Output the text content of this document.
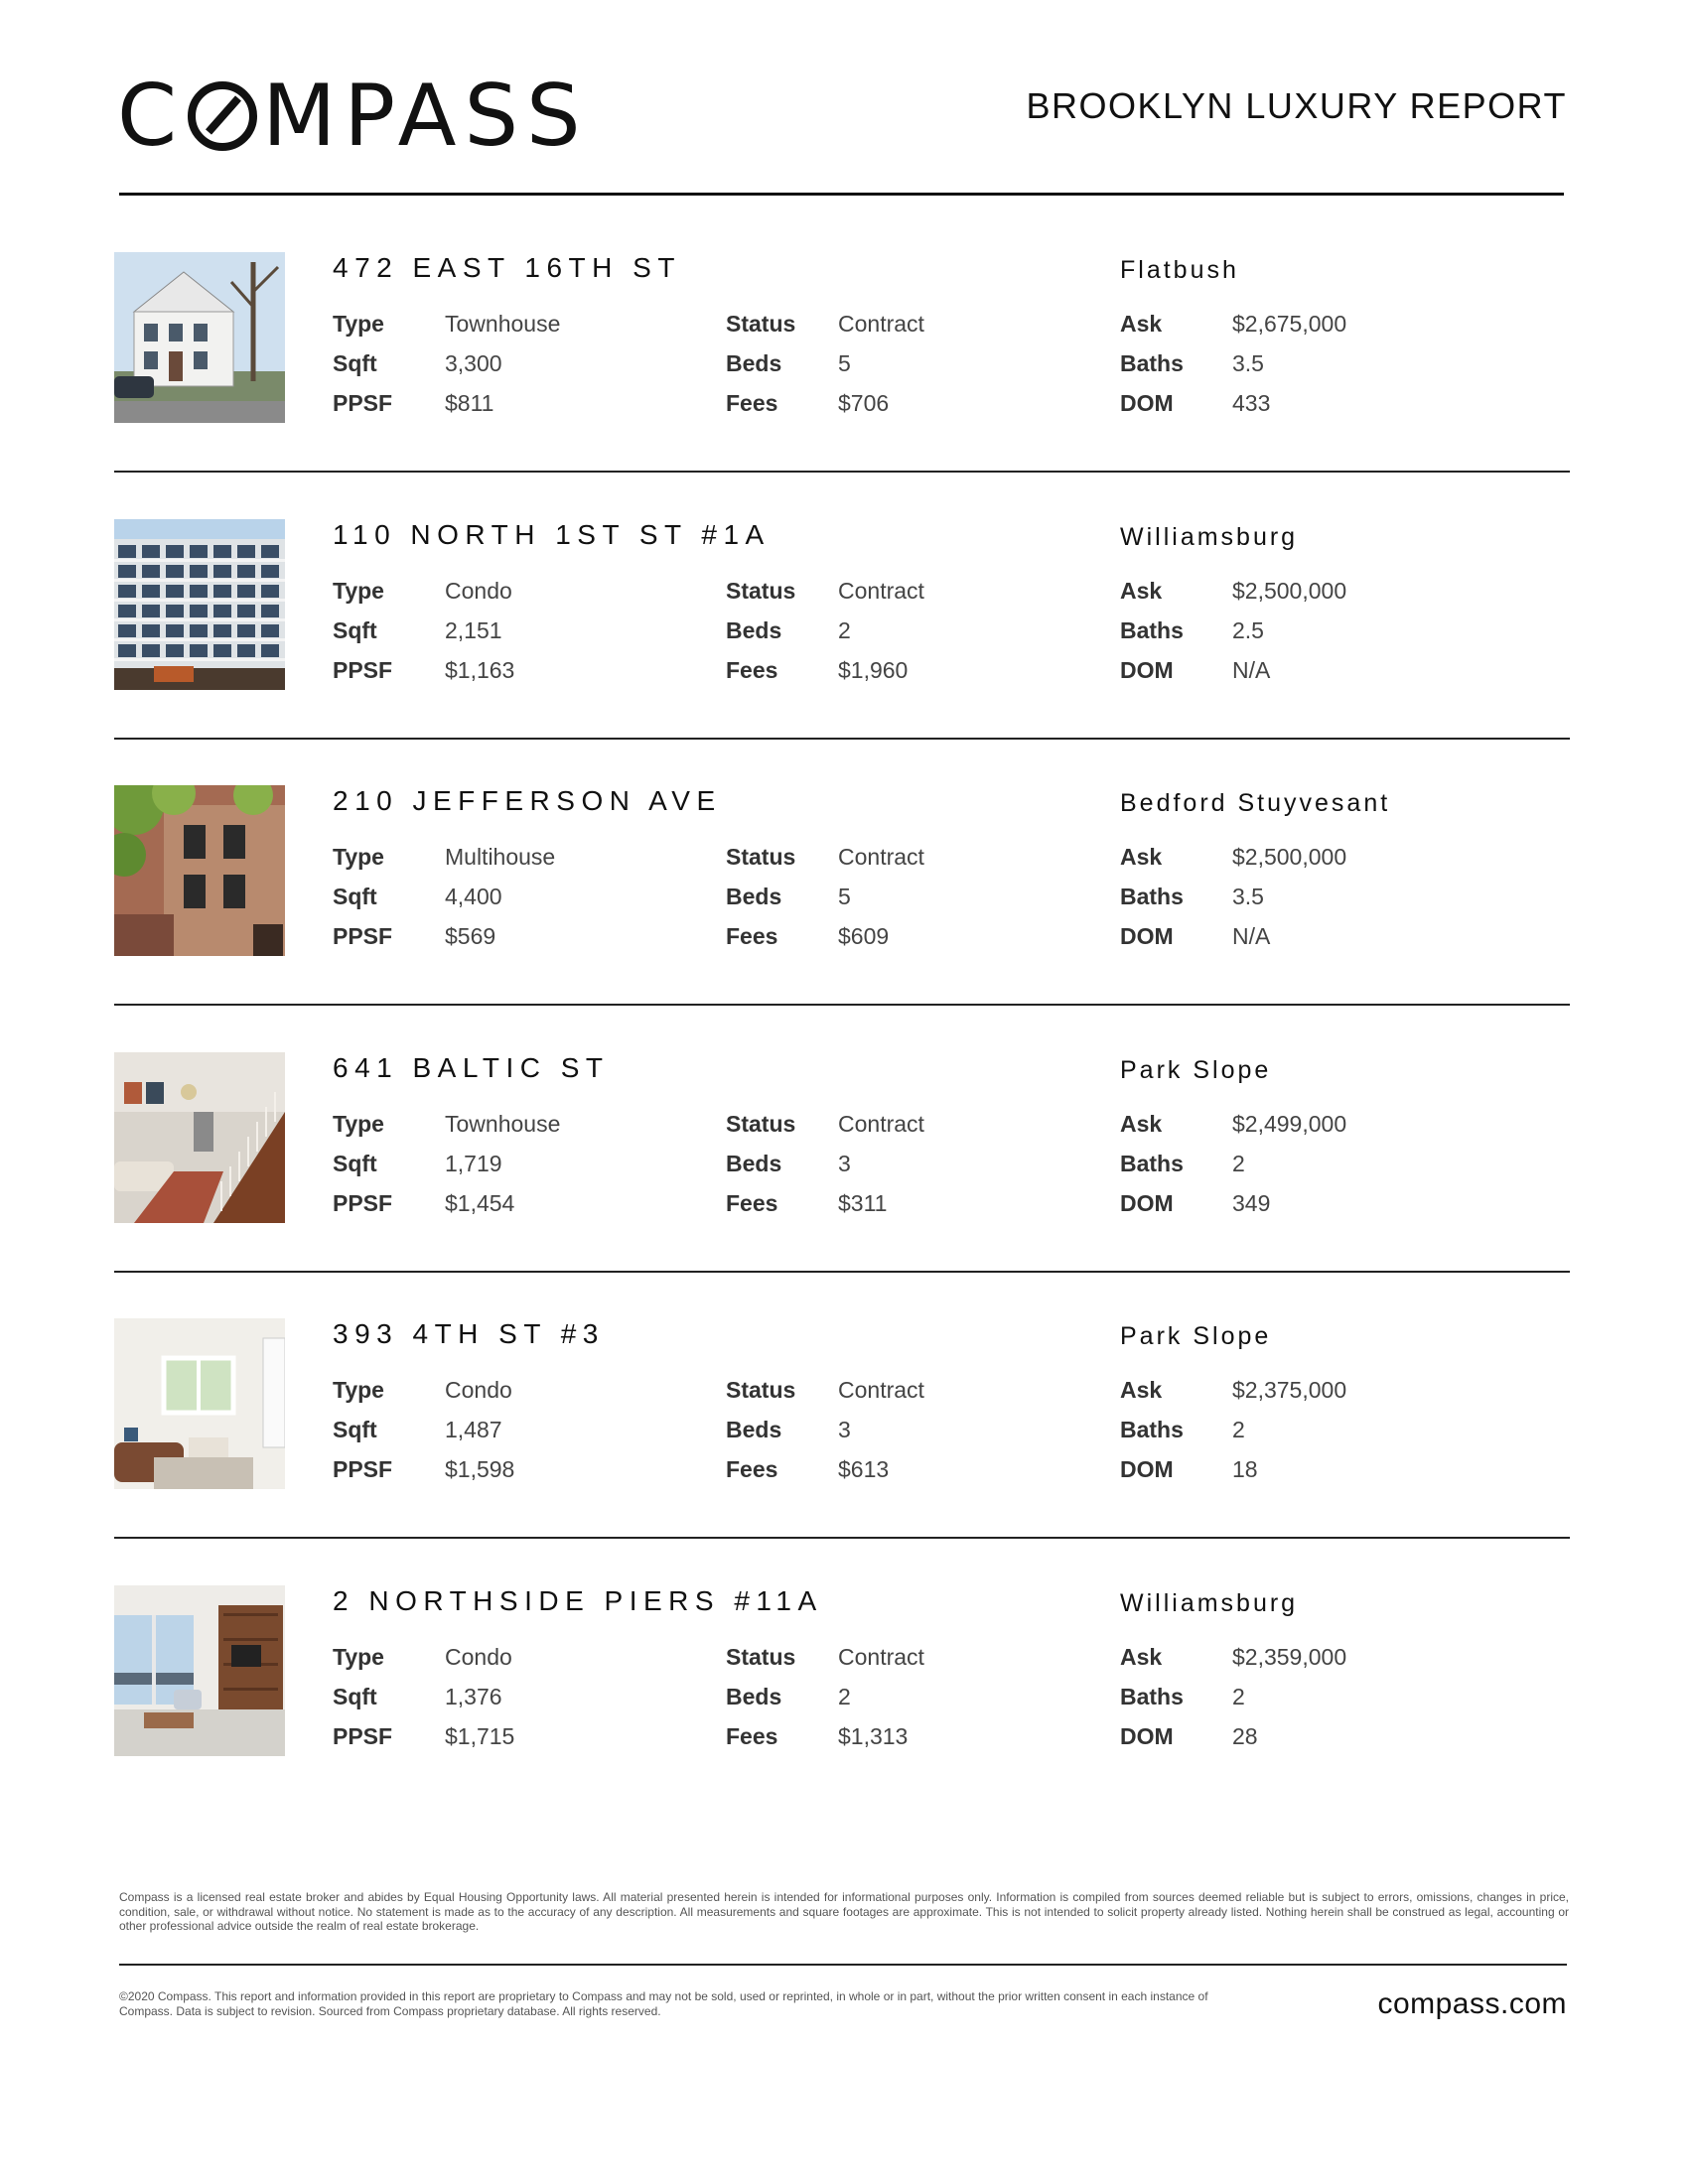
C MPASS	BROOKLYN LUXURY REPORT
472 EAST 16TH ST	Flatbush
Type	Townhouse
Sqft	3,300
PPSF	$811
Status	Contract
Beds	5
Fees	$706
Ask	$2,675,000
Baths	3.5
DOM	433
110 NORTH 1ST ST #1A	Williamsburg
Type	Condo
Sqft	2,151
PPSF	$1,163
Status	Contract
Beds	2
Fees	$1,960
Ask	$2,500,000
Baths	2.5
DOM	N/A
210 JEFFERSON AVE	Bedford Stuyvesant
Type	Multihouse
Sqft	4,400
PPSF	$569
Status	Contract
Beds	5
Fees	$609
Ask	$2,500,000
Baths	3.5
DOM	N/A
641 BALTIC ST	Park Slope
Type	Townhouse
Sqft	1,719
PPSF	$1,454
Status	Contract
Beds	3
Fees	$311
Ask	$2,499,000
Baths	2
DOM	349
393 4TH ST #3	Park Slope
Type	Condo
Sqft	1,487
PPSF	$1,598
Status	Contract
Beds	3
Fees	$613
Ask	$2,375,000
Baths	2
DOM	18
2 NORTHSIDE PIERS #11A	Williamsburg
Type	Condo
Sqft	1,376
PPSF	$1,715
Status	Contract
Beds	2
Fees	$1,313
Ask	$2,359,000
Baths	2
DOM	28
Compass is a licensed real estate broker and abides by Equal Housing Opportunity laws. All material presented herein is intended for informational purposes only. Information is compiled from sources deemed reliable but is subject to errors, omissions, changes in price, condition, sale, or withdrawal without notice. No statement is made as to the accuracy of any description. All measurements and square footages are approximate. This is not intended to solicit property already listed. Nothing herein shall be construed as legal, accounting or other professional advice outside the realm of real estate brokerage.
©2020 Compass. This report and information provided in this report are proprietary to Compass and may not be sold, used or reprinted, in whole or in part, without the prior written consent in each instance of Compass. Data is subject to revision. Sourced from Compass proprietary database. All rights reserved.	compass.com
